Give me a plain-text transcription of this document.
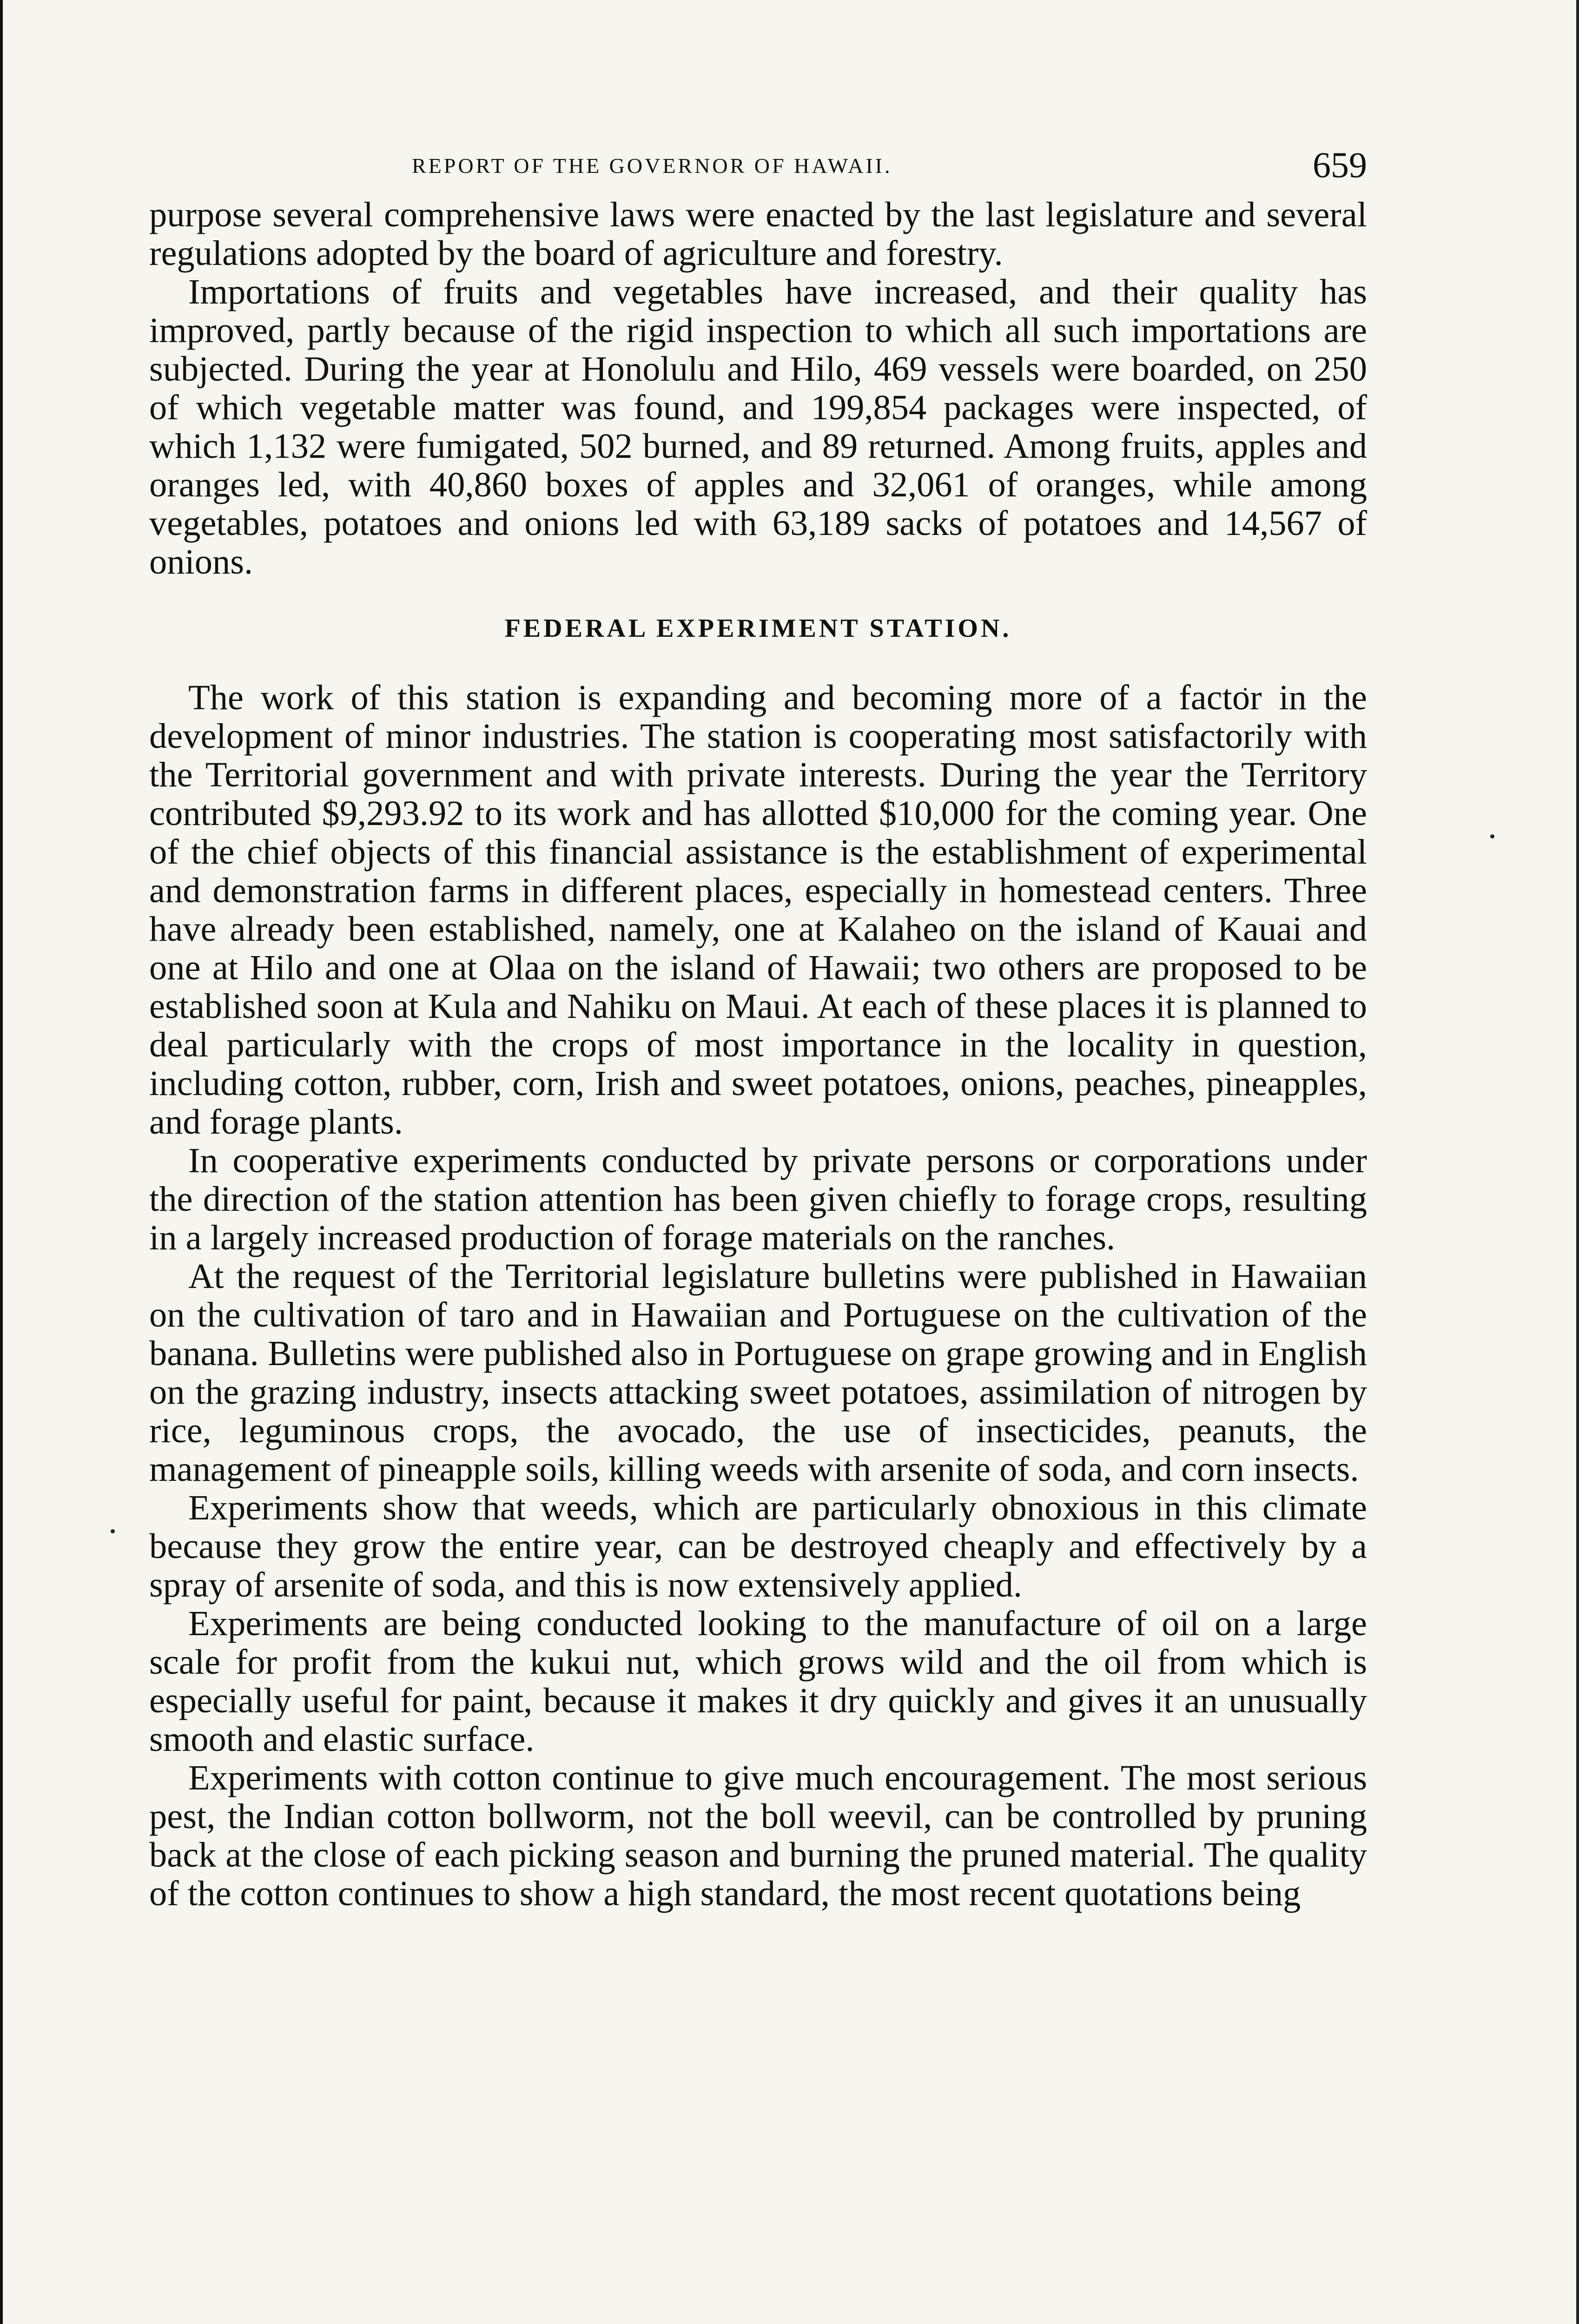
REPORT OF THE GOVERNOR OF HAWAII.	659

purpose several comprehensive laws were enacted by the last legislature and several regulations adopted by the board of agriculture and forestry.

Importations of fruits and vegetables have increased, and their quality has improved, partly because of the rigid inspection to which all such importations are subjected. During the year at Honolulu and Hilo, 469 vessels were boarded, on 250 of which vegetable matter was found, and 199,854 packages were inspected, of which 1,132 were fumigated, 502 burned, and 89 returned. Among fruits, apples and oranges led, with 40,860 boxes of apples and 32,061 of oranges, while among vegetables, potatoes and onions led with 63,189 sacks of potatoes and 14,567 of onions.

FEDERAL EXPERIMENT STATION.

The work of this station is expanding and becoming more of a factor in the development of minor industries. The station is cooperating most satisfactorily with the Territorial government and with private interests. During the year the Territory contributed $9,293.92 to its work and has allotted $10,000 for the coming year. One of the chief objects of this financial assistance is the establishment of experimental and demonstration farms in different places, especially in homestead centers. Three have already been established, namely, one at Kalaheo on the island of Kauai and one at Hilo and one at Olaa on the island of Hawaii; two others are proposed to be established soon at Kula and Nahiku on Maui. At each of these places it is planned to deal particularly with the crops of most importance in the locality in question, including cotton, rubber, corn, Irish and sweet potatoes, onions, peaches, pineapples, and forage plants.

In cooperative experiments conducted by private persons or corporations under the direction of the station attention has been given chiefly to forage crops, resulting in a largely increased production of forage materials on the ranches.

At the request of the Territorial legislature bulletins were published in Hawaiian on the cultivation of taro and in Hawaiian and Portuguese on the cultivation of the banana. Bulletins were published also in Portuguese on grape growing and in English on the grazing industry, insects attacking sweet potatoes, assimilation of nitrogen by rice, leguminous crops, the avocado, the use of insecticides, peanuts, the management of pineapple soils, killing weeds with arsenite of soda, and corn insects.

Experiments show that weeds, which are particularly obnoxious in this climate because they grow the entire year, can be destroyed cheaply and effectively by a spray of arsenite of soda, and this is now extensively applied.

Experiments are being conducted looking to the manufacture of oil on a large scale for profit from the kukui nut, which grows wild and the oil from which is especially useful for paint, because it makes it dry quickly and gives it an unusually smooth and elastic surface.

Experiments with cotton continue to give much encouragement. The most serious pest, the Indian cotton bollworm, not the boll weevil, can be controlled by pruning back at the close of each picking season and burning the pruned material. The quality of the cotton continues to show a high standard, the most recent quotations being
